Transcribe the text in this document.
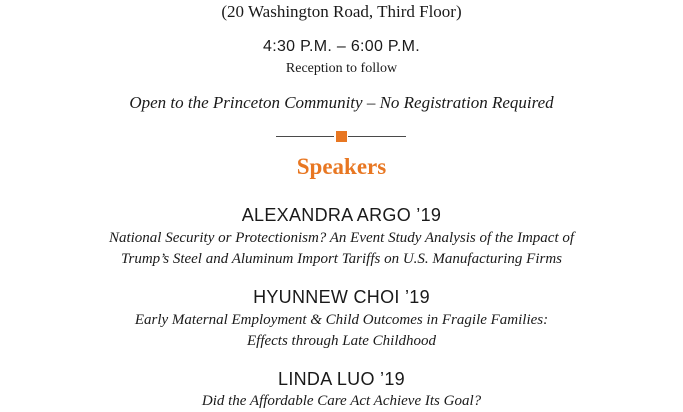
(20 Washington Road, Third Floor)
4:30 P.M. – 6:00 P.M.
Reception to follow
Open to the Princeton Community – No Registration Required
Speakers
ALEXANDRA ARGO ’19
National Security or Protectionism? An Event Study Analysis of the Impact of
Trump’s Steel and Aluminum Import Tariffs on U.S. Manufacturing Firms
HYUNNEW CHOI ’19
Early Maternal Employment & Child Outcomes in Fragile Families:
Effects through Late Childhood
LINDA LUO ’19
Did the Affordable Care Act Achieve Its Goal?
